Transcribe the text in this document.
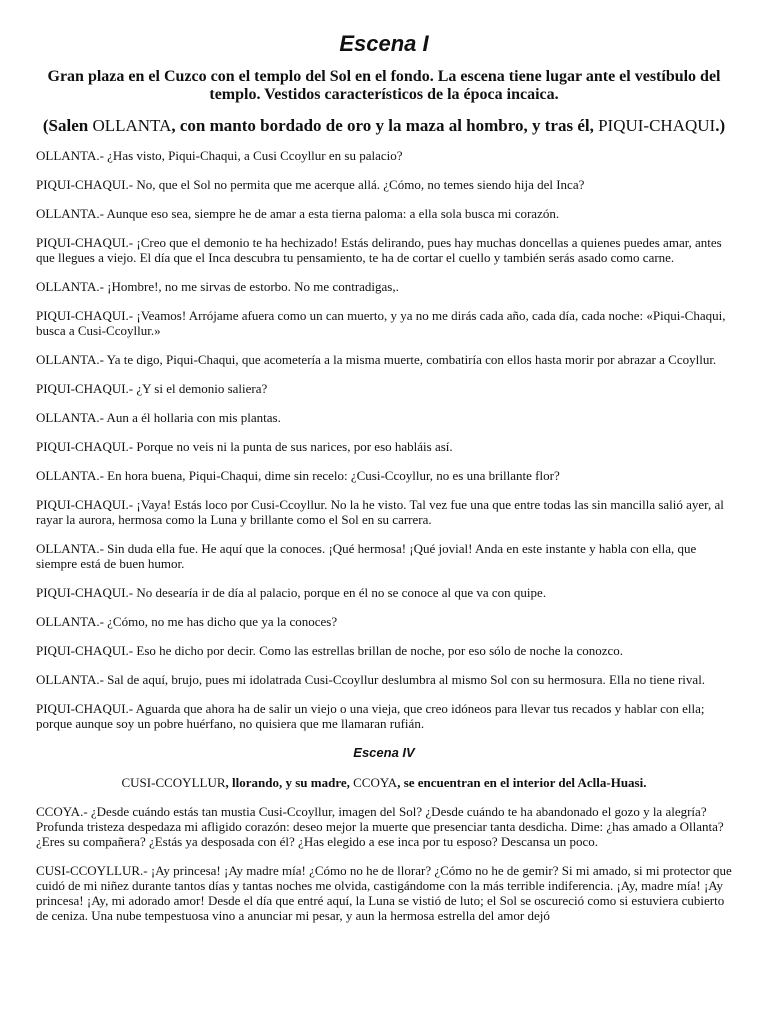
Escena I

Gran plaza en el Cuzco con el templo del Sol en el fondo. La escena tiene lugar ante el vestíbulo del templo. Vestidos característicos de la época incaica.

(Salen OLLANTA, con manto bordado de oro y la maza al hombro, y tras él, PIQUI-CHAQUI.)

OLLANTA.- ¿Has visto, Piqui-Chaqui, a Cusi Ccoyllur en su palacio?

PIQUI-CHAQUI.- No, que el Sol no permita que me acerque allá. ¿Cómo, no temes siendo hija del Inca?

OLLANTA.- Aunque eso sea, siempre he de amar a esta tierna paloma: a ella sola busca mi corazón.

PIQUI-CHAQUI.- ¡Creo que el demonio te ha hechizado! Estás delirando, pues hay muchas doncellas a quienes puedes amar, antes que llegues a viejo. El día que el Inca descubra tu pensamiento, te ha de cortar el cuello y también serás asado como carne.

OLLANTA.- ¡Hombre!, no me sirvas de estorbo. No me contradigas,.

PIQUI-CHAQUI.- ¡Veamos! Arrójame afuera como un can muerto, y ya no me dirás cada año, cada día, cada noche: «Piqui-Chaqui, busca a Cusi-Ccoyllur.»

OLLANTA.- Ya te digo, Piqui-Chaqui, que acometería a la misma muerte, combatiría con ellos hasta morir por abrazar a Ccoyllur.

PIQUI-CHAQUI.- ¿Y si el demonio saliera?

OLLANTA.- Aun a él hollaria con mis plantas.

PIQUI-CHAQUI.- Porque no veis ni la punta de sus narices, por eso habláis así.

OLLANTA.- En hora buena, Piqui-Chaqui, dime sin recelo: ¿Cusi-Ccoyllur, no es una brillante flor?

PIQUI-CHAQUI.- ¡Vaya! Estás loco por Cusi-Ccoyllur. No la he visto. Tal vez fue una que entre todas las sin mancilla salió ayer, al rayar la aurora, hermosa como la Luna y brillante como el Sol en su carrera.

OLLANTA.- Sin duda ella fue. He aquí que la conoces. ¡Qué hermosa! ¡Qué jovial! Anda en este instante y habla con ella, que siempre está de buen humor.

PIQUI-CHAQUI.- No desearía ir de día al palacio, porque en él no se conoce al que va con quipe.

OLLANTA.- ¿Cómo, no me has dicho que ya la conoces?

PIQUI-CHAQUI.- Eso he dicho por decir. Como las estrellas brillan de noche, por eso sólo de noche la conozco.

OLLANTA.- Sal de aquí, brujo, pues mi idolatrada Cusi-Ccoyllur deslumbra al mismo Sol con su hermosura. Ella no tiene rival.

PIQUI-CHAQUI.- Aguarda que ahora ha de salir un viejo o una vieja, que creo idóneos para llevar tus recados y hablar con ella; porque aunque soy un pobre huérfano, no quisiera que me llamaran rufián.

Escena IV

CUSI-CCOYLLUR, llorando, y su madre, CCOYA, se encuentran en el interior del Aclla-Huasi.

CCOYA.- ¿Desde cuándo estás tan mustia Cusi-Ccoyllur, imagen del Sol? ¿Desde cuándo te ha abandonado el gozo y la alegría? Profunda tristeza despedaza mi afligido corazón: deseo mejor la muerte que presenciar tanta desdicha. Dime: ¿has amado a Ollanta? ¿Eres su compañera? ¿Estás ya desposada con él? ¿Has elegido a ese inca por tu esposo? Descansa un poco.

CUSI-CCOYLLUR.- ¡Ay princesa! ¡Ay madre mía! ¿Cómo no he de llorar? ¿Cómo no he de gemir? Si mi amado, si mi protector que cuidó de mi niñez durante tantos días y tantas noches me olvida, castigándome con la más terrible indiferencia. ¡Ay, madre mía! ¡Ay princesa! ¡Ay, mi adorado amor! Desde el día que entré aquí, la Luna se vistió de luto; el Sol se oscureció como si estuviera cubierto de ceniza. Una nube tempestuosa vino a anunciar mi pesar, y aun la hermosa estrella del amor dejó
